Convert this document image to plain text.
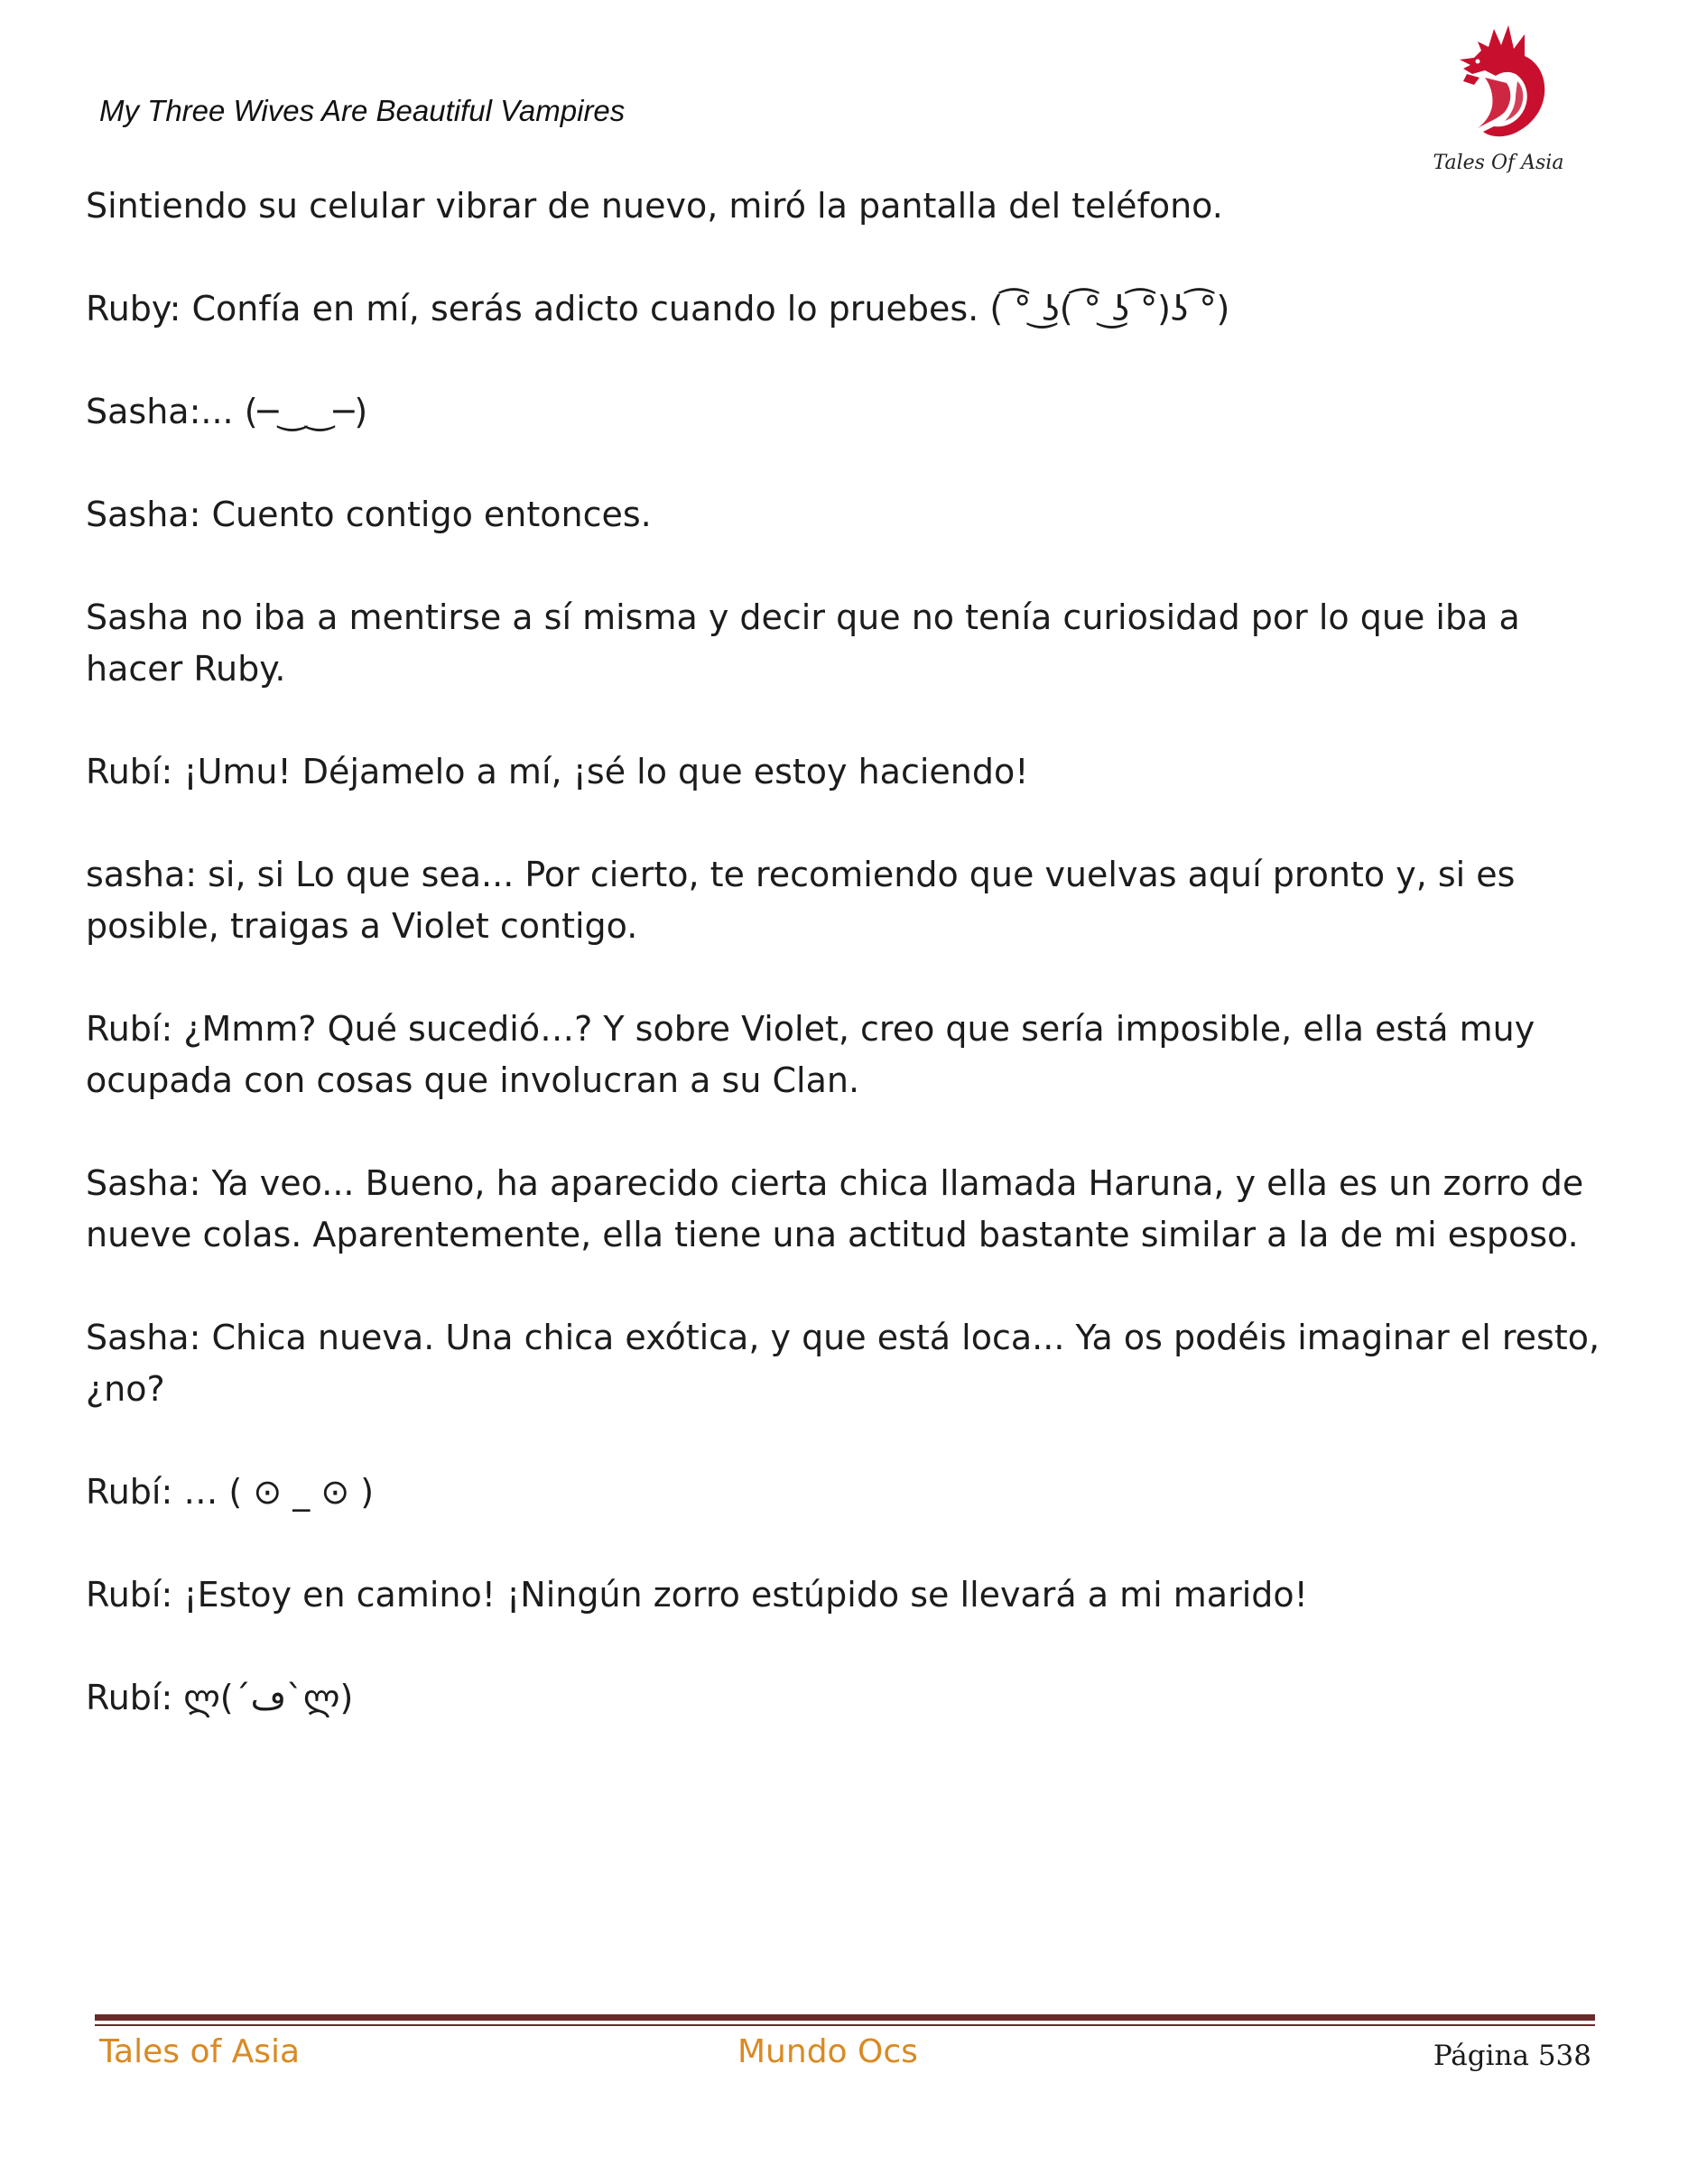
My Three Wives Are Beautiful Vampires
Tales Of Asia

Sintiendo su celular vibrar de nuevo, miró la pantalla del teléfono.

Ruby: Confía en mí, serás adicto cuando lo pruebes. ( ͡° ͜ʖ( ͡° ͜ʖ ͡°)ʖ ͡°)

Sasha:... (─‿‿─)

Sasha: Cuento contigo entonces.

Sasha no iba a mentirse a sí misma y decir que no tenía curiosidad por lo que iba a hacer Ruby.

Rubí: ¡Umu! Déjamelo a mí, ¡sé lo que estoy haciendo!

sasha: si, si Lo que sea... Por cierto, te recomiendo que vuelvas aquí pronto y, si es posible, traigas a Violet contigo.

Rubí: ¿Mmm? Qué sucedió…? Y sobre Violet, creo que sería imposible, ella está muy ocupada con cosas que involucran a su Clan.

Sasha: Ya veo... Bueno, ha aparecido cierta chica llamada Haruna, y ella es un zorro de nueve colas. Aparentemente, ella tiene una actitud bastante similar a la de mi esposo.

Sasha: Chica nueva. Una chica exótica, y que está loca... Ya os podéis imaginar el resto, ¿no?

Rubí: … ( ⊙ _ ⊙ )

Rubí: ¡Estoy en camino! ¡Ningún zorro estúpido se llevará a mi marido!

Rubí: ლ(´ڡ`ლ)

Tales of Asia	Mundo Ocs	Página 538
